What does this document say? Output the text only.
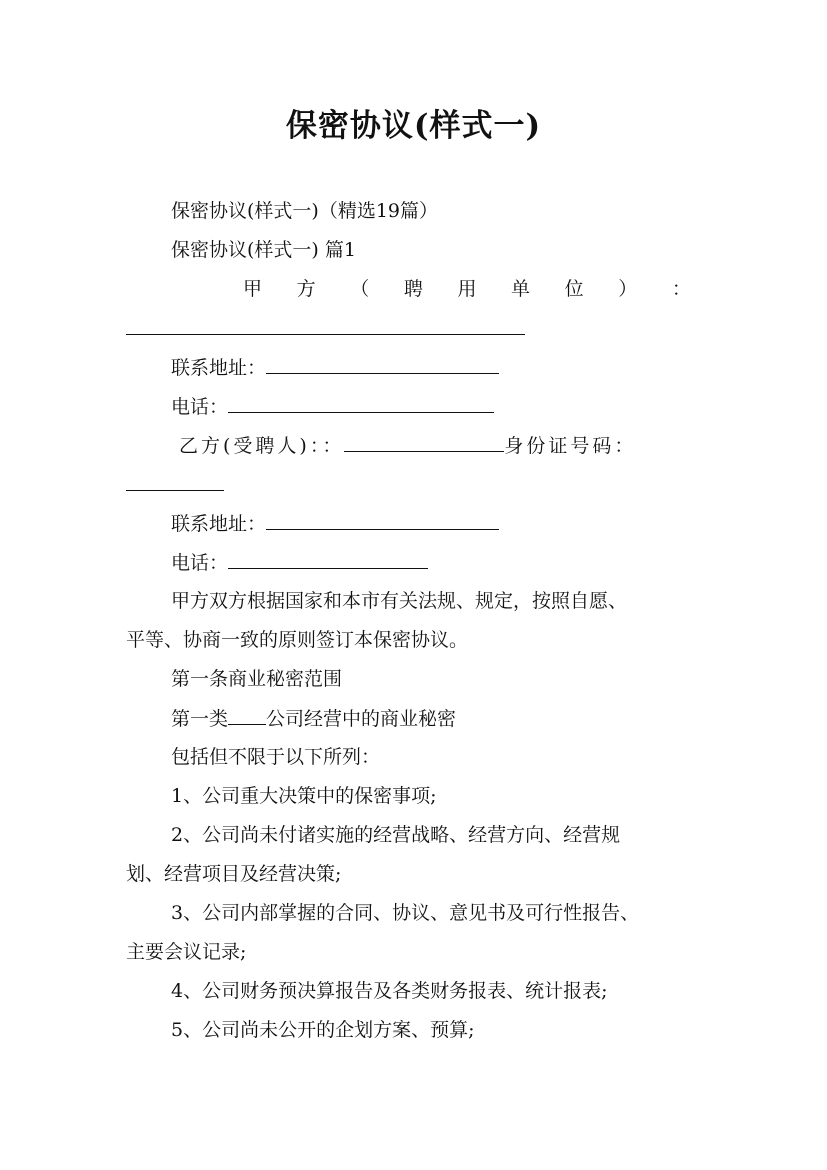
保密协议(样式一)
保密协议(样式一)（精选19篇）
保密协议(样式一) 篇1
甲 方 （ 聘 用 单 位 ） ：
联系地址：
电话：
乙方(受聘人)：：	身份证号码：
联系地址：
电话：
甲方双方根据国家和本市有关法规、规定，按照自愿、
平等、协商一致的原则签订本保密协议。
第一条商业秘密范围
第一类 公司经营中的商业秘密
包括但不限于以下所列：
1、公司重大决策中的保密事项;
2、公司尚未付诸实施的经营战略、经营方向、经营规
划、经营项目及经营决策;
3、公司内部掌握的合同、协议、意见书及可行性报告、
主要会议记录;
4、公司财务预决算报告及各类财务报表、统计报表;
5、公司尚未公开的企划方案、预算;
